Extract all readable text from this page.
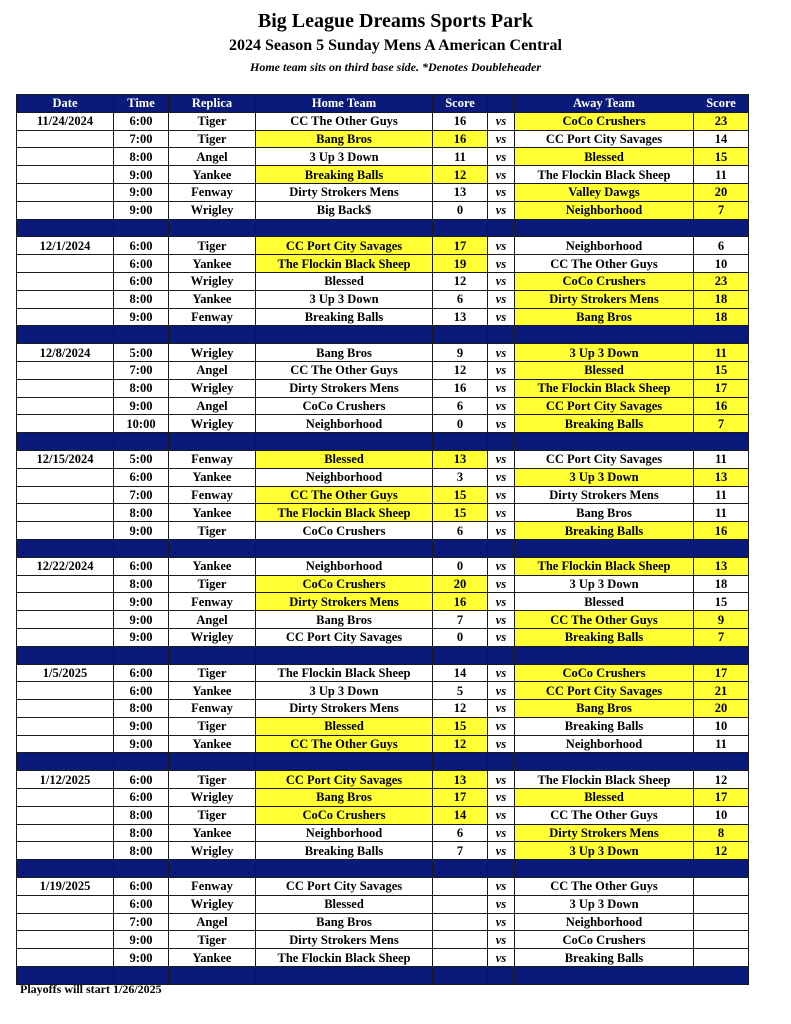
Big League Dreams Sports Park
2024 Season 5 Sunday Mens A American Central
Home team sits on third base side. *Denotes Doubleheader
Date	Time	Replica	Home Team	Score		Away Team	Score
11/24/2024	6:00	Tiger	CC The Other Guys	16	vs	CoCo Crushers	23
	7:00	Tiger	Bang Bros	16	vs	CC Port City Savages	14
	8:00	Angel	3 Up 3 Down	11	vs	Blessed	15
	9:00	Yankee	Breaking Balls	12	vs	The Flockin Black Sheep	11
	9:00	Fenway	Dirty Strokers Mens	13	vs	Valley Dawgs	20
	9:00	Wrigley	Big Back$	0	vs	Neighborhood	7

12/1/2024	6:00	Tiger	CC Port City Savages	17	vs	Neighborhood	6
	6:00	Yankee	The Flockin Black Sheep	19	vs	CC The Other Guys	10
	6:00	Wrigley	Blessed	12	vs	CoCo Crushers	23
	8:00	Yankee	3 Up 3 Down	6	vs	Dirty Strokers Mens	18
	9:00	Fenway	Breaking Balls	13	vs	Bang Bros	18

12/8/2024	5:00	Wrigley	Bang Bros	9	vs	3 Up 3 Down	11
	7:00	Angel	CC The Other Guys	12	vs	Blessed	15
	8:00	Wrigley	Dirty Strokers Mens	16	vs	The Flockin Black Sheep	17
	9:00	Angel	CoCo Crushers	6	vs	CC Port City Savages	16
	10:00	Wrigley	Neighborhood	0	vs	Breaking Balls	7

12/15/2024	5:00	Fenway	Blessed	13	vs	CC Port City Savages	11
	6:00	Yankee	Neighborhood	3	vs	3 Up 3 Down	13
	7:00	Fenway	CC The Other Guys	15	vs	Dirty Strokers Mens	11
	8:00	Yankee	The Flockin Black Sheep	15	vs	Bang Bros	11
	9:00	Tiger	CoCo Crushers	6	vs	Breaking Balls	16

12/22/2024	6:00	Yankee	Neighborhood	0	vs	The Flockin Black Sheep	13
	8:00	Tiger	CoCo Crushers	20	vs	3 Up 3 Down	18
	9:00	Fenway	Dirty Strokers Mens	16	vs	Blessed	15
	9:00	Angel	Bang Bros	7	vs	CC The Other Guys	9
	9:00	Wrigley	CC Port City Savages	0	vs	Breaking Balls	7

1/5/2025	6:00	Tiger	The Flockin Black Sheep	14	vs	CoCo Crushers	17
	6:00	Yankee	3 Up 3 Down	5	vs	CC Port City Savages	21
	8:00	Fenway	Dirty Strokers Mens	12	vs	Bang Bros	20
	9:00	Tiger	Blessed	15	vs	Breaking Balls	10
	9:00	Yankee	CC The Other Guys	12	vs	Neighborhood	11

1/12/2025	6:00	Tiger	CC Port City Savages	13	vs	The Flockin Black Sheep	12
	6:00	Wrigley	Bang Bros	17	vs	Blessed	17
	8:00	Tiger	CoCo Crushers	14	vs	CC The Other Guys	10
	8:00	Yankee	Neighborhood	6	vs	Dirty Strokers Mens	8
	8:00	Wrigley	Breaking Balls	7	vs	3 Up 3 Down	12

1/19/2025	6:00	Fenway	CC Port City Savages		vs	CC The Other Guys	
	6:00	Wrigley	Blessed		vs	3 Up 3 Down	
	7:00	Angel	Bang Bros		vs	Neighborhood	
	9:00	Tiger	Dirty Strokers Mens		vs	CoCo Crushers	
	9:00	Yankee	The Flockin Black Sheep		vs	Breaking Balls	

Playoffs will start 1/26/2025
